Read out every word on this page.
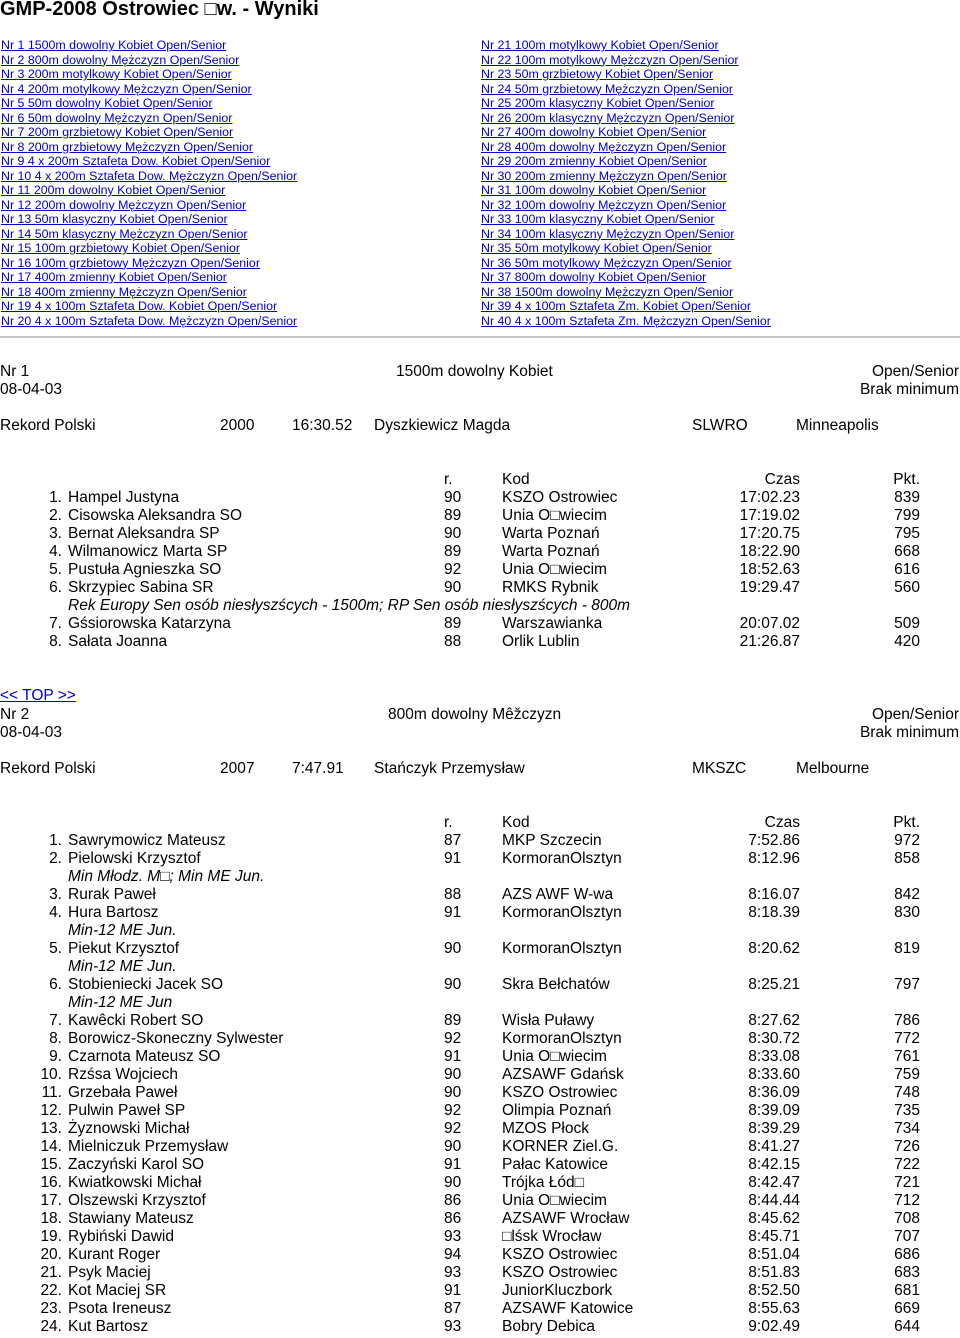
GMP-2008 Ostrowiec □w. - Wyniki
Nr 1 1500m dowolny Kobiet Open/Senior
Nr 2 800m dowolny Mężczyzn Open/Senior
Nr 3 200m motylkowy Kobiet Open/Senior
Nr 4 200m motylkowy Mężczyzn Open/Senior
Nr 5 50m dowolny Kobiet Open/Senior
Nr 6 50m dowolny Mężczyzn Open/Senior
Nr 7 200m grzbietowy Kobiet Open/Senior
Nr 8 200m grzbietowy Mężczyzn Open/Senior
Nr 9 4 x 200m Sztafeta Dow. Kobiet Open/Senior
Nr 10 4 x 200m Sztafeta Dow. Mężczyzn Open/Senior
Nr 11 200m dowolny Kobiet Open/Senior
Nr 12 200m dowolny Mężczyzn Open/Senior
Nr 13 50m klasyczny Kobiet Open/Senior
Nr 14 50m klasyczny Mężczyzn Open/Senior
Nr 15 100m grzbietowy Kobiet Open/Senior
Nr 16 100m grzbietowy Mężczyzn Open/Senior
Nr 17 400m zmienny Kobiet Open/Senior
Nr 18 400m zmienny Mężczyzn Open/Senior
Nr 19 4 x 100m Sztafeta Dow. Kobiet Open/Senior
Nr 20 4 x 100m Sztafeta Dow. Mężczyzn Open/Senior
Nr 21 100m motylkowy Kobiet Open/Senior
Nr 22 100m motylkowy Mężczyzn Open/Senior
Nr 23 50m grzbietowy Kobiet Open/Senior
Nr 24 50m grzbietowy Mężczyzn Open/Senior
Nr 25 200m klasyczny Kobiet Open/Senior
Nr 26 200m klasyczny Mężczyzn Open/Senior
Nr 27 400m dowolny Kobiet Open/Senior
Nr 28 400m dowolny Mężczyzn Open/Senior
Nr 29 200m zmienny Kobiet Open/Senior
Nr 30 200m zmienny Mężczyzn Open/Senior
Nr 31 100m dowolny Kobiet Open/Senior
Nr 32 100m dowolny Mężczyzn Open/Senior
Nr 33 100m klasyczny Kobiet Open/Senior
Nr 34 100m klasyczny Mężczyzn Open/Senior
Nr 35 50m motylkowy Kobiet Open/Senior
Nr 36 50m motylkowy Mężczyzn Open/Senior
Nr 37 800m dowolny Kobiet Open/Senior
Nr 38 1500m dowolny Mężczyzn Open/Senior
Nr 39 4 x 100m Sztafeta Zm. Kobiet Open/Senior
Nr 40 4 x 100m Sztafeta Zm. Mężczyzn Open/Senior
Nr 1	1500m dowolny Kobiet	Open/Senior
08-04-03	Brak minimum
Rekord Polski	2000 16:30.52 Dyszkiewicz Magda	SLWRO	Minneapolis
r.	Kod	Czas	Pkt.
1. Hampel Justyna	90	KSZO Ostrowiec	17:02.23	839
2. Cisowska Aleksandra SO	89	Unia O□wiecim	17:19.02	799
3. Bernat Aleksandra SP	90	Warta Poznań	17:20.75	795
4. Wilmanowicz Marta SP	89	Warta Poznań	18:22.90	668
5. Pustuła Agnieszka SO	92	Unia O□wiecim	18:52.63	616
6. Skrzypiec Sabina SR	90	RMKS Rybnik	19:29.47	560
Rek Europy Sen osób niesłyszścych - 1500m; RP Sen osób niesłyszścych - 800m
7. Gśsiorowska Katarzyna	89	Warszawianka	20:07.02	509
8. Sałata Joanna	88	Orlik Lublin	21:26.87	420
<< TOP >>
Nr 2	800m dowolny Mêžczyzn	Open/Senior
08-04-03	Brak minimum
Rekord Polski	2007 7:47.91 Stańczyk Przemysław	MKSZC	Melbourne
r.	Kod	Czas	Pkt.
1. Sawrymowicz Mateusz	87	MKP Szczecin	7:52.86	972
2. Pielowski Krzysztof	91	KormoranOlsztyn	8:12.96	858
Min Młodz. M□; Min ME Jun.
3. Rurak Paweł	88	AZS AWF W-wa	8:16.07	842
4. Hura Bartosz	91	KormoranOlsztyn	8:18.39	830
Min-12 ME Jun.
5. Piekut Krzysztof	90	KormoranOlsztyn	8:20.62	819
Min-12 ME Jun.
6. Stobieniecki Jacek SO	90	Skra Bełchatów	8:25.21	797
Min-12 ME Jun
7. Kawêcki Robert SO	89	Wisła Puławy	8:27.62	786
8. Borowicz-Skoneczny Sylwester	92	KormoranOlsztyn	8:30.72	772
9. Czarnota Mateusz SO	91	Unia O□wiecim	8:33.08	761
10. Rzśsa Wojciech	90	AZSAWF Gdańsk	8:33.60	759
11. Grzebała Paweł	90	KSZO Ostrowiec	8:36.09	748
12. Pulwin Paweł SP	92	Olimpia Poznań	8:39.09	735
13. Żyznowski Michał	92	MZOS Płock	8:39.29	734
14. Mielniczuk Przemysław	90	KORNER Ziel.G.	8:41.27	726
15. Zaczyński Karol SO	91	Pałac Katowice	8:42.15	722
16. Kwiatkowski Michał	90	Trójka Łód□	8:42.47	721
17. Olszewski Krzysztof	86	Unia O□wiecim	8:44.44	712
18. Stawiany Mateusz	86	AZSAWF Wrocław	8:45.62	708
19. Rybiński Dawid	93	□lśsk Wrocław	8:45.71	707
20. Kurant Roger	94	KSZO Ostrowiec	8:51.04	686
21. Psyk Maciej	93	KSZO Ostrowiec	8:51.83	683
22. Kot Maciej SR	91	JuniorKluczbork	8:52.50	681
23. Psota Ireneusz	87	AZSAWF Katowice	8:55.63	669
24. Kut Bartosz	93	Bobry Debica	9:02.49	644
